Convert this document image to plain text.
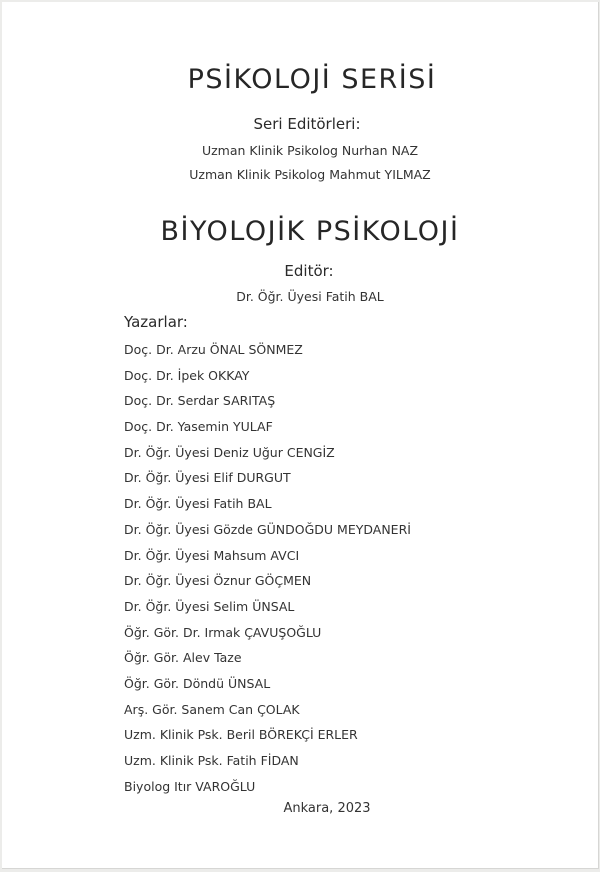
PSİKOLOJİ SERİSİ
Seri Editörleri:
Uzman Klinik Psikolog Nurhan NAZ
Uzman Klinik Psikolog Mahmut YILMAZ
BİYOLOJİK PSİKOLOJİ
Editör:
Dr. Öğr. Üyesi Fatih BAL
Yazarlar:
Doç. Dr. Arzu ÖNAL SÖNMEZ
Doç. Dr. İpek OKKAY
Doç. Dr. Serdar SARITAŞ
Doç. Dr. Yasemin YULAF
Dr. Öğr. Üyesi Deniz Uğur CENGİZ
Dr. Öğr. Üyesi Elif DURGUT
Dr. Öğr. Üyesi Fatih BAL
Dr. Öğr. Üyesi Gözde GÜNDOĞDU MEYDANERİ
Dr. Öğr. Üyesi Mahsum AVCI
Dr. Öğr. Üyesi Öznur GÖÇMEN
Dr. Öğr. Üyesi Selim ÜNSAL
Öğr. Gör. Dr. Irmak ÇAVUŞOĞLU
Öğr. Gör. Alev Taze
Öğr. Gör. Döndü ÜNSAL
Arş. Gör. Sanem Can ÇOLAK
Uzm. Klinik Psk. Beril BÖREKÇİ ERLER
Uzm. Klinik Psk. Fatih FİDAN
Biyolog Itır VAROĞLU
Ankara, 2023
